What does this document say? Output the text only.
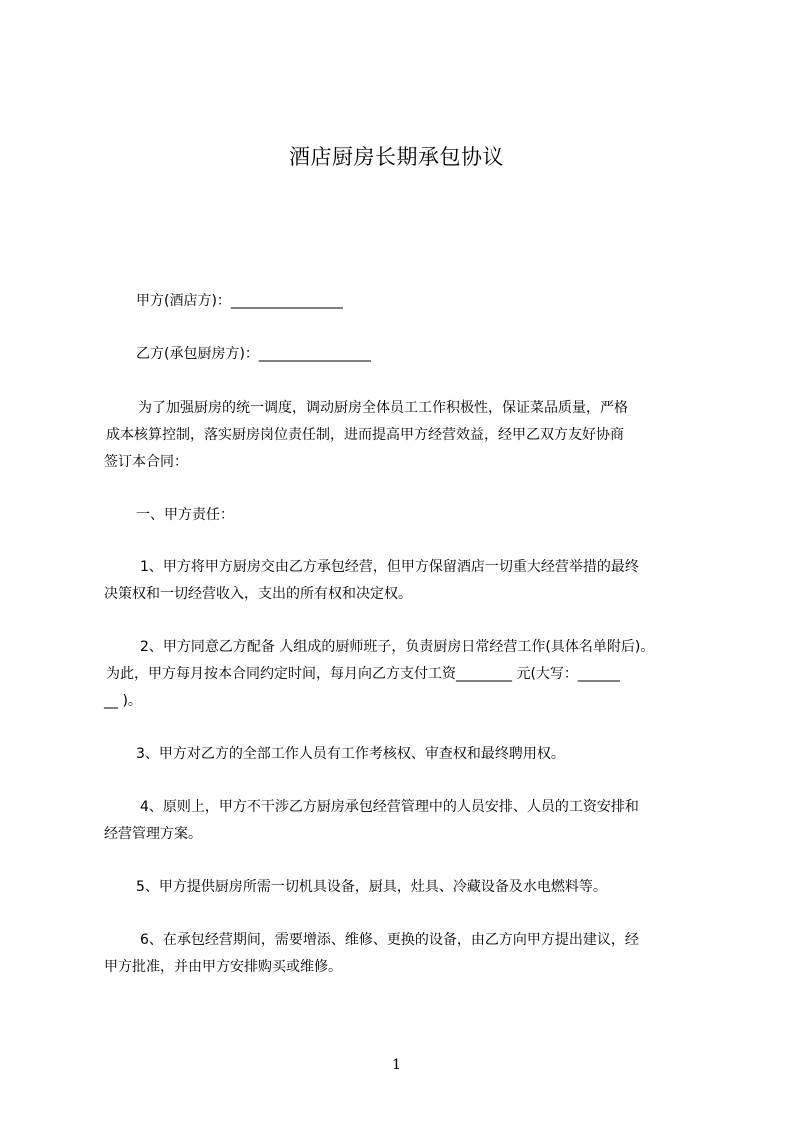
酒店厨房长期承包协议
甲方(酒店方)：________________
乙方(承包厨房方)：________________
为了加强厨房的统一调度，调动厨房全体员工工作积极性，保证菜品质量，严格
成本核算控制，落实厨房岗位责任制，进而提高甲方经营效益，经甲乙双方友好协商
签订本合同：
一、甲方责任：
1、甲方将甲方厨房交由乙方承包经营，但甲方保留酒店一切重大经营举措的最终
决策权和一切经营收入，支出的所有权和决定权。
2、甲方同意乙方配备 人组成的厨师班子，负责厨房日常经营工作(具体名单附后)。
为此，甲方每月按本合同约定时间，每月向乙方支付工资________ 元(大写：______
__ )。
3、甲方对乙方的全部工作人员有工作考核权、审查权和最终聘用权。
4、原则上，甲方不干涉乙方厨房承包经营管理中的人员安排、人员的工资安排和
经营管理方案。
5、甲方提供厨房所需一切机具设备，厨具，灶具、冷藏设备及水电燃料等。
6、在承包经营期间，需要增添、维修、更换的设备，由乙方向甲方提出建议，经
甲方批准，并由甲方安排购买或维修。
1
